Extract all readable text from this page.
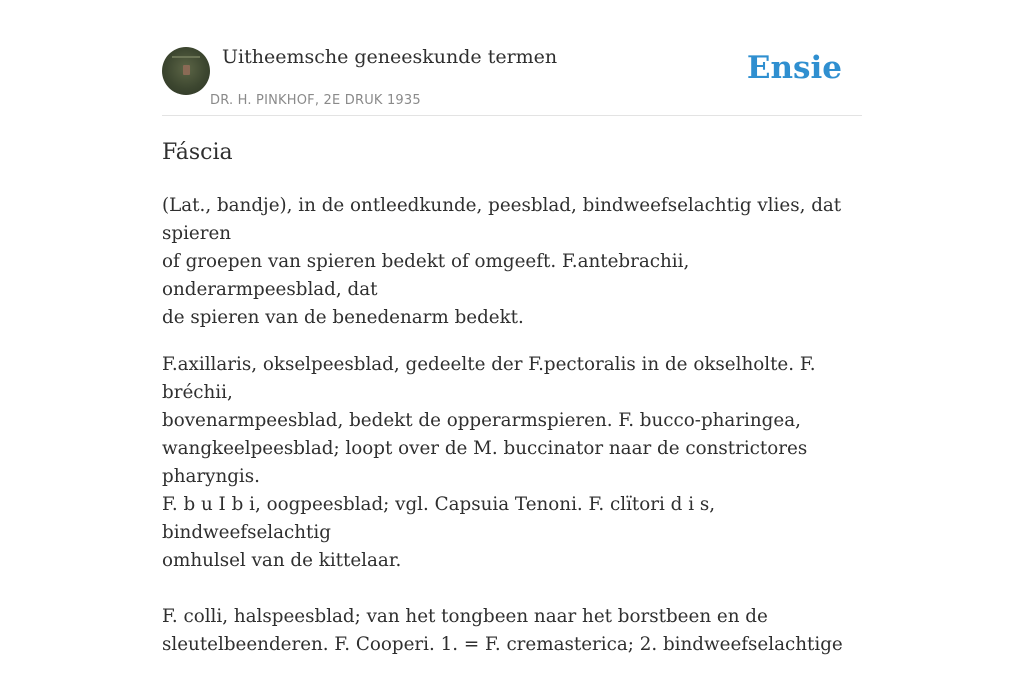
Uitheemsche geneeskunde termen
DR. H. PINKHOF, 2E DRUK 1935
Ensie
Fáscia

(Lat., bandje), in de ontleedkunde, peesblad, bindweefselachtig vlies, dat spieren
of groepen van spieren bedekt of omgeeft. F.antebrachii, onderarmpeesblad, dat
de spieren van de benedenarm bedekt.

F.axillaris, okselpeesblad, gedeelte der F.pectoralis in de okselholte. F. bréchii,
bovenarmpeesblad, bedekt de opperarmspieren. F. bucco-pharingea,
wangkeelpeesblad; loopt over de M. buccinator naar de constrictores pharyngis.
F. b u I b i, oogpeesblad; vgl. Capsuia Tenoni. F. clïtori d i s, bindweefselachtig
omhulsel van de kittelaar.

F. colli, halspeesblad; van het tongbeen naar het borstbeen en de
sleutelbeenderen. F. Cooperi. 1. = F. cremasterica; 2. bindweefselachtige
